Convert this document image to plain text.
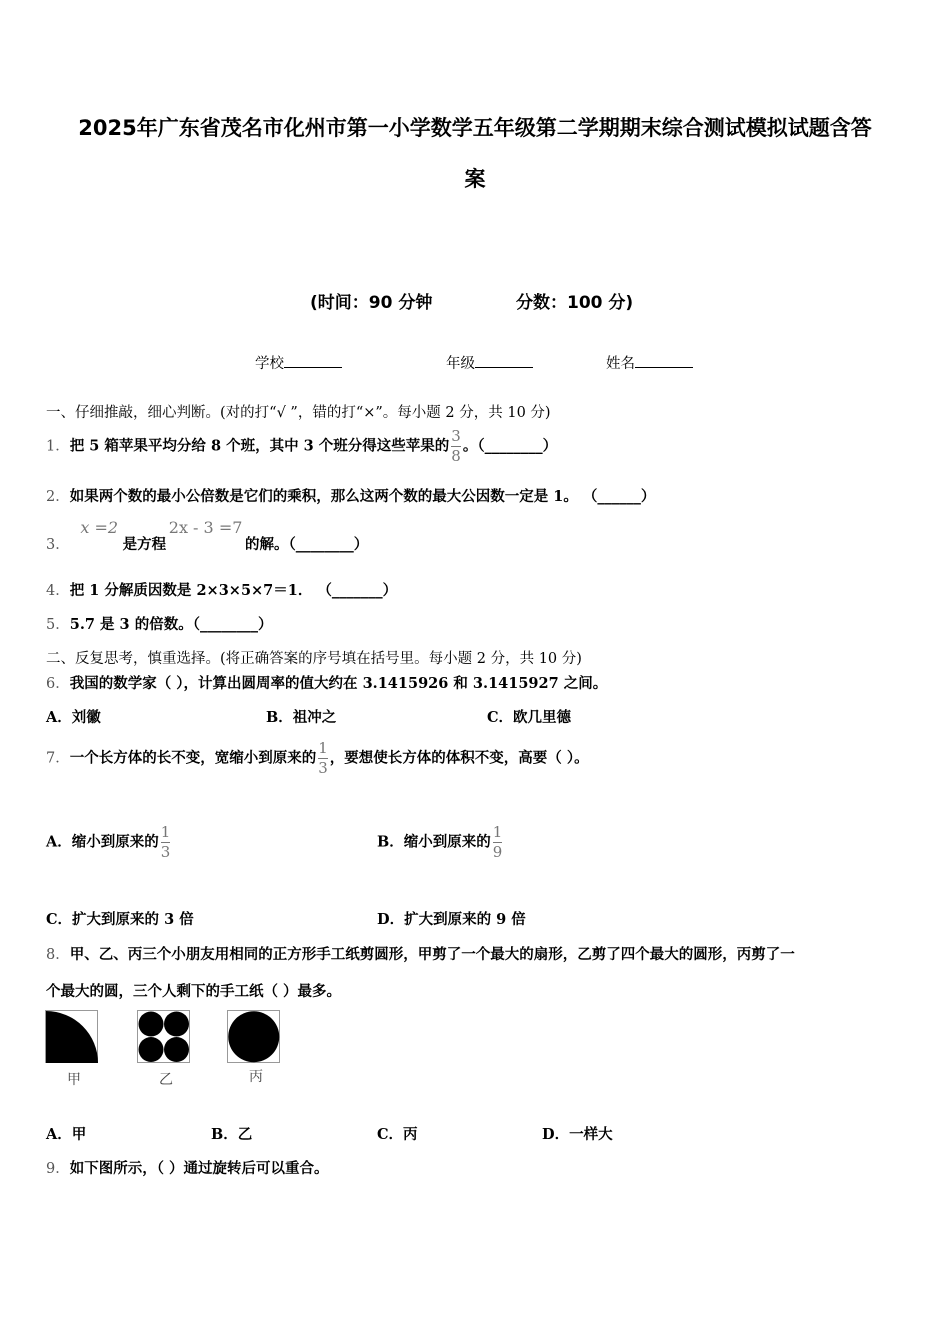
2025年广东省茂名市化州市第一小学数学五年级第二学期期末综合测试模拟试题含答
案
(时间：90 分钟	分数：100 分)
学校	年级	姓名
一、仔细推敲，细心判断。(对的打“√ ”，错的打“×”。每小题 2 分，共 10 分)
1．把 5 箱苹果平均分给 8 个班，其中 3 个班分得这些苹果的 $\frac{3}{8}$ 。（________）
2．如果两个数的最小公倍数是它们的乘积，那么这两个数的最大公因数一定是 1。 （______）
3． x =2 是方程 2x - 3 =7 的解。（________）
4．把 1 分解质因数是 2×3×5×7＝1． （_______）
5．5.7 是 3 的倍数。（________）
二、反复思考，慎重选择。(将正确答案的序号填在括号里。每小题 2 分，共 10 分)
6．我国的数学家（ ），计算出圆周率的值大约在 3.1415926 和 3.1415927 之间。
A．刘徽	B．祖冲之	C．欧几里德
7．一个长方体的长不变，宽缩小到原来的 $\frac{1}{3}$ ，要想使长方体的体积不变，高要（ ）。
A．缩小到原来的 $\frac{1}{3}$	B．缩小到原来的 $\frac{1}{9}$
C．扩大到原来的 3 倍	D．扩大到原来的 9 倍
8．甲、乙、丙三个小朋友用相同的正方形手工纸剪圆形，甲剪了一个最大的扇形，乙剪了四个最大的圆形，丙剪了一
个最大的圆，三个人剩下的手工纸（ ）最多。
甲	乙	丙
A．甲	B．乙	C．丙	D．一样大
9．如下图所示，（ ）通过旋转后可以重合。
